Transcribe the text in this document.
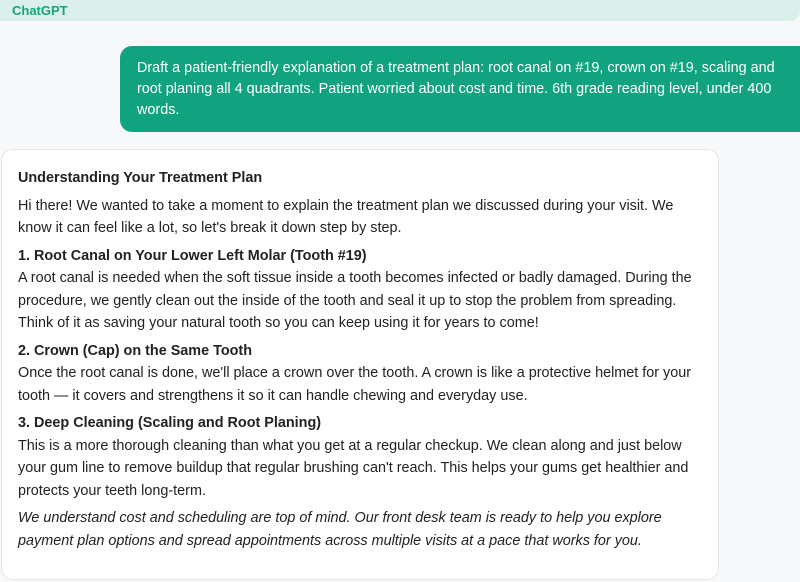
ChatGPT
Draft a patient-friendly explanation of a treatment plan: root canal on #19, crown on #19, scaling and root planing all 4 quadrants. Patient worried about cost and time. 6th grade reading level, under 400 words.

Understanding Your Treatment Plan

Hi there! We wanted to take a moment to explain the treatment plan we discussed during your visit. We know it can feel like a lot, so let's break it down step by step.

1. Root Canal on Your Lower Left Molar (Tooth #19)

A root canal is needed when the soft tissue inside a tooth becomes infected or badly damaged. During the procedure, we gently clean out the inside of the tooth and seal it up to stop the problem from spreading. Think of it as saving your natural tooth so you can keep using it for years to come!

2. Crown (Cap) on the Same Tooth

Once the root canal is done, we'll place a crown over the tooth. A crown is like a protective helmet for your tooth — it covers and strengthens it so it can handle chewing and everyday use.

3. Deep Cleaning (Scaling and Root Planing)

This is a more thorough cleaning than what you get at a regular checkup. We clean along and just below your gum line to remove buildup that regular brushing can't reach. This helps your gums get healthier and protects your teeth long-term.

We understand cost and scheduling are top of mind. Our front desk team is ready to help you explore payment plan options and spread appointments across multiple visits at a pace that works for you.
